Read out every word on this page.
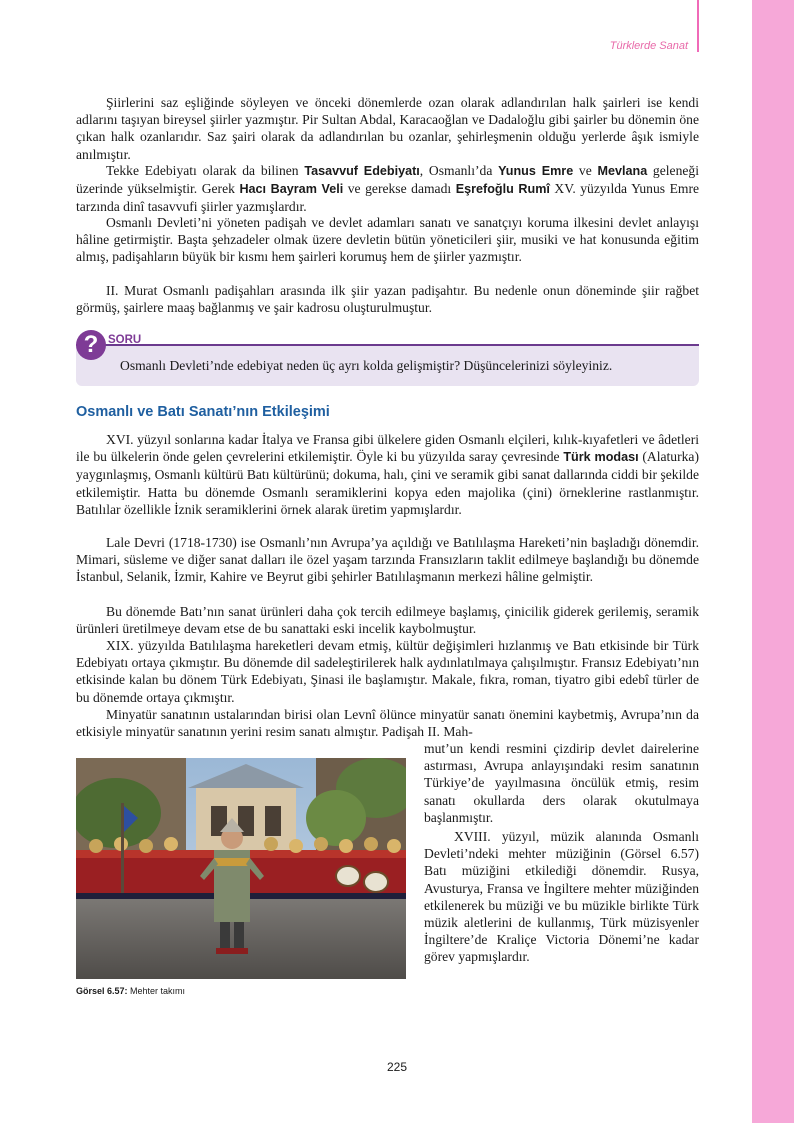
Türklerde Sanat

Şiirlerini saz eşliğinde söyleyen ve önceki dönemlerde ozan olarak adlandırılan halk şairleri ise kendi adlarını taşıyan bireysel şiirler yazmıştır. Pir Sultan Abdal, Karacaoğlan ve Dadaloğlu gibi şairler bu dönemin öne çıkan halk ozanlarıdır. Saz şairi olarak da adlandırılan bu ozanlar, şehirleşmenin olduğu yerlerde âşık ismiyle anılmıştır.

Tekke Edebiyatı olarak da bilinen Tasavvuf Edebiyatı, Osmanlı’da Yunus Emre ve Mevlana geleneği üzerinde yükselmiştir. Gerek Hacı Bayram Veli ve gerekse damadı Eşrefoğlu Rumî XV. yüzyılda Yunus Emre tarzında dinî tasavvufi şiirler yazmışlardır.

Osmanlı Devleti’ni yöneten padişah ve devlet adamları sanatı ve sanatçıyı koruma ilkesini devlet anlayışı hâline getirmiştir. Başta şehzadeler olmak üzere devletin bütün yöneticileri şiir, musiki ve hat konusunda eğitim almış, padişahların büyük bir kısmı hem şairleri korumuş hem de şiirler yazmıştır.

II. Murat Osmanlı padişahları arasında ilk şiir yazan padişahtır. Bu nedenle onun döneminde şiir rağbet görmüş, şairlere maaş bağlanmış ve şair kadrosu oluşturulmuştur.

? SORU
Osmanlı Devleti’nde edebiyat neden üç ayrı kolda gelişmiştir? Düşüncelerinizi söyleyiniz.
Osmanlı ve Batı Sanatı’nın Etkileşimi

XVI. yüzyıl sonlarına kadar İtalya ve Fransa gibi ülkelere giden Osmanlı elçileri, kılık-kıyafetleri ve âdetleri ile bu ülkelerin önde gelen çevrelerini etkilemiştir. Öyle ki bu yüzyılda saray çevresinde Türk modası (Alaturka) yaygınlaşmış, Osmanlı kültürü Batı kültürünü; dokuma, halı, çini ve seramik gibi sanat dallarında ciddi bir şekilde etkilemiştir. Hatta bu dönemde Osmanlı seramiklerini kopya eden majolika (çini) örneklerine rastlanmıştır. Batılılar özellikle İznik seramiklerini örnek alarak üretim yapmışlardır.

Lale Devri (1718-1730) ise Osmanlı’nın Avrupa’ya açıldığı ve Batılılaşma Hareketi’nin başladığı dönemdir. Mimari, süsleme ve diğer sanat dalları ile özel yaşam tarzında Fransızların taklit edilmeye başlandığı bu dönemde İstanbul, Selanik, İzmir, Kahire ve Beyrut gibi şehirler Batılılaşmanın merkezi hâline gelmiştir.

Bu dönemde Batı’nın sanat ürünleri daha çok tercih edilmeye başlamış, çinicilik giderek gerilemiş, seramik ürünleri üretilmeye devam etse de bu sanattaki eski incelik kaybolmuştur.

XIX. yüzyılda Batılılaşma hareketleri devam etmiş, kültür değişimleri hızlanmış ve Batı etkisinde bir Türk Edebiyatı ortaya çıkmıştır. Bu dönemde dil sadeleştirilerek halk aydınlatılmaya çalışılmıştır. Fransız Edebiyatı’nın etkisinde kalan bu dönem Türk Edebiyatı, Şinasi ile başlamıştır. Makale, fıkra, roman, tiyatro gibi edebî türler de bu dönemde ortaya çıkmıştır.

Minyatür sanatının ustalarından birisi olan Levnî ölünce minyatür sanatı önemini kaybetmiş, Avrupa’nın da etkisiyle minyatür sanatının yerini resim sanatı almıştır. Padişah II. Mah-

mut’un kendi resmini çizdirip devlet dairelerine astırması, Avrupa anlayışındaki resim sanatının Türkiye’de yayılmasına öncülük etmiş, resim sanatı okullarda ders olarak okutulmaya başlanmıştır.

XVIII. yüzyıl, müzik alanında Osmanlı Devleti’ndeki mehter müziğinin (Görsel 6.57) Batı müziğini etkilediği dönemdir. Rusya, Avusturya, Fransa ve İngiltere mehter müziğinden etkilenerek bu müziği ve bu müzikle birlikte Türk müzik aletlerini de kullanmış, Türk müzisyenler İngiltere’de Kraliçe Victoria Dönemi’ne kadar görev yapmışlardır.

Görsel 6.57: Mehter takımı
225
